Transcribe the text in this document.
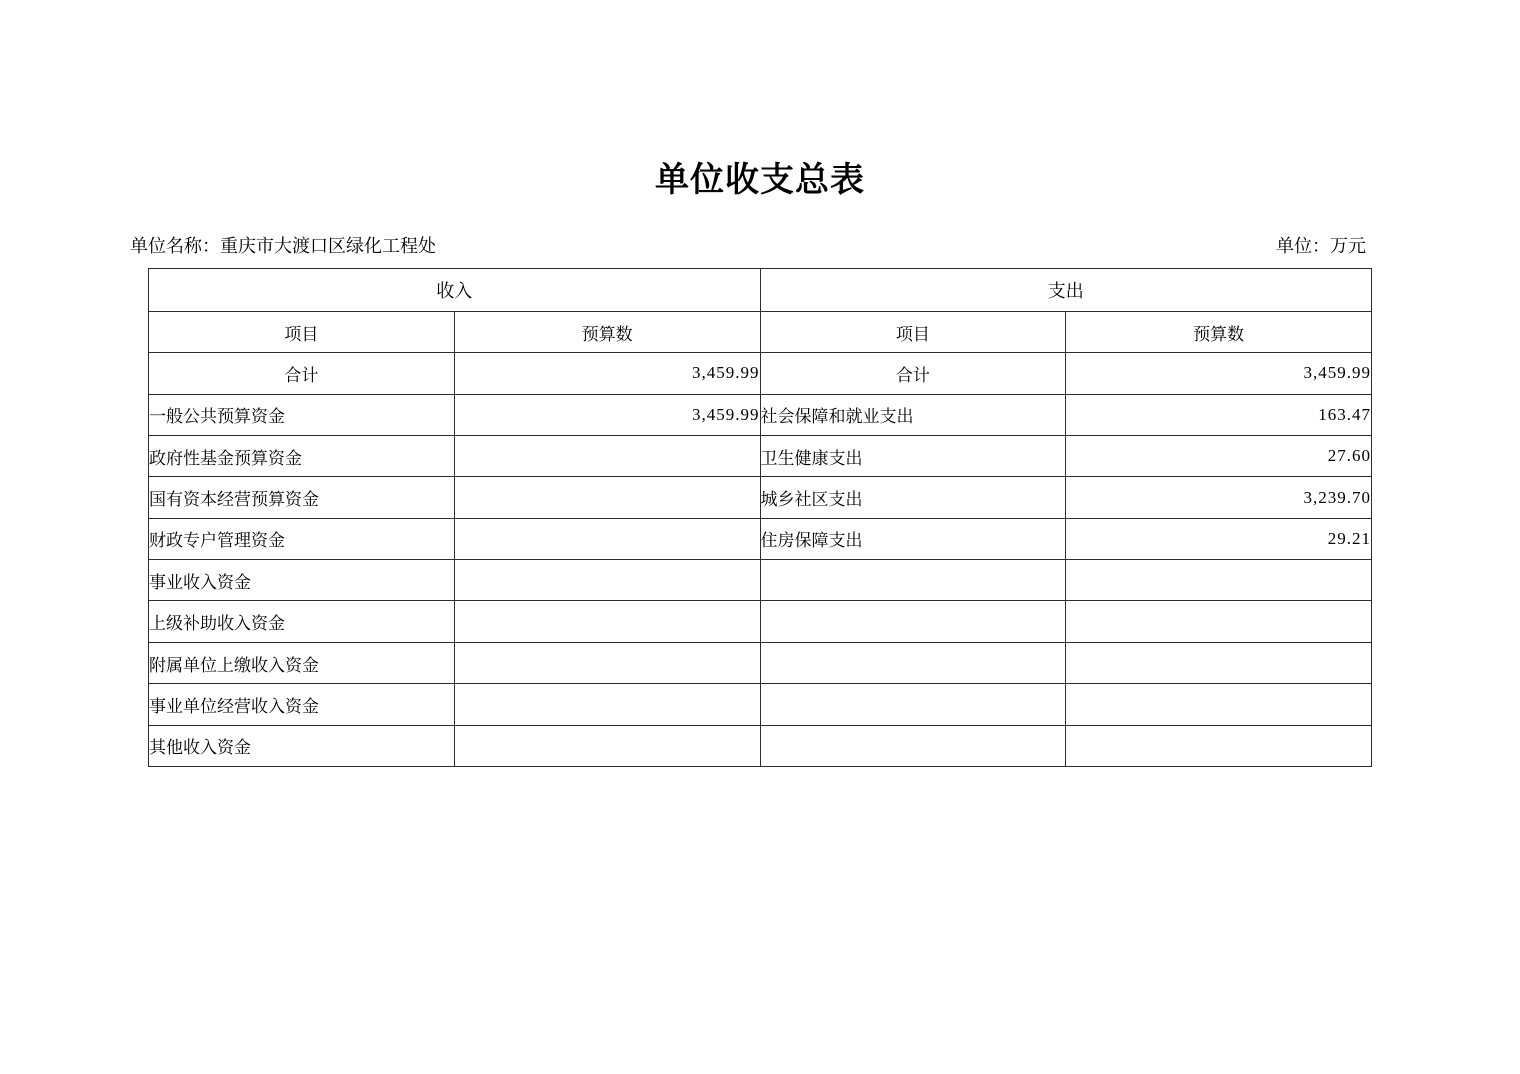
单位收支总表
单位名称：重庆市大渡口区绿化工程处	单位：万元
收入		支出	
项目	预算数	项目	预算数
合计	3,459.99	合计	3,459.99
一般公共预算资金	3,459.99	社会保障和就业支出	163.47
政府性基金预算资金		卫生健康支出	27.60
国有资本经营预算资金		城乡社区支出	3,239.70
财政专户管理资金		住房保障支出	29.21
事业收入资金			
上级补助收入资金			
附属单位上缴收入资金			
事业单位经营收入资金			
其他收入资金			
